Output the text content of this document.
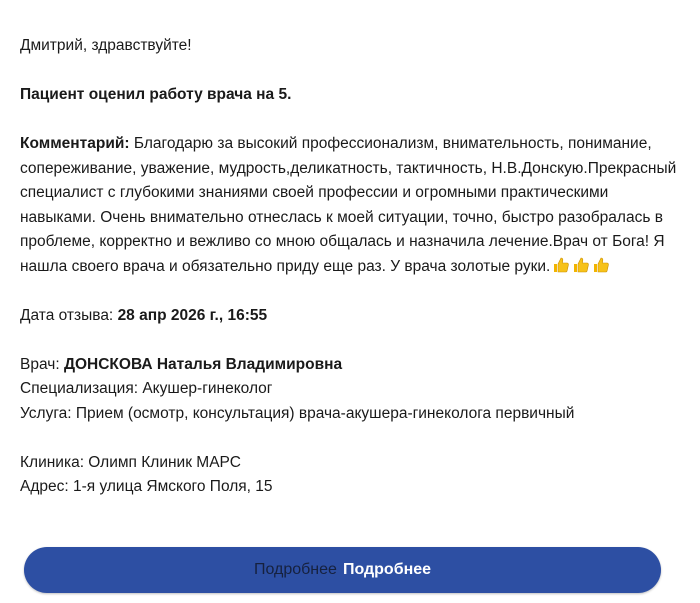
Дмитрий, здравствуйте!

Пациент оценил работу врача на 5.

Комментарий: Благодарю за высокий профессионализм, внимательность, понимание, сопереживание, уважение, мудрость,деликатность, тактичность, Н.В.Донскую.Прекрасный специалист с глубокими знаниями своей профессии и огромными практическими навыками. Очень внимательно отнеслась к моей ситуации, точно, быстро разобралась в проблеме, корректно и вежливо со мною общалась и назначила лечение.Врач от Бога! Я нашла своего врача и обязательно приду еще раз. У врача золотые руки.

Дата отзыва: 28 апр 2026 г., 16:55

Врач: ДОНСКОВА Наталья Владимировна

Специализация: Акушер-гинеколог

Услуга: Прием (осмотр, консультация) врача-акушера-гинеколога первичный

Клиника: Олимп Клиник МАРС

Адрес: 1-я улица Ямского Поля, 15

Подробнее Подробнее
